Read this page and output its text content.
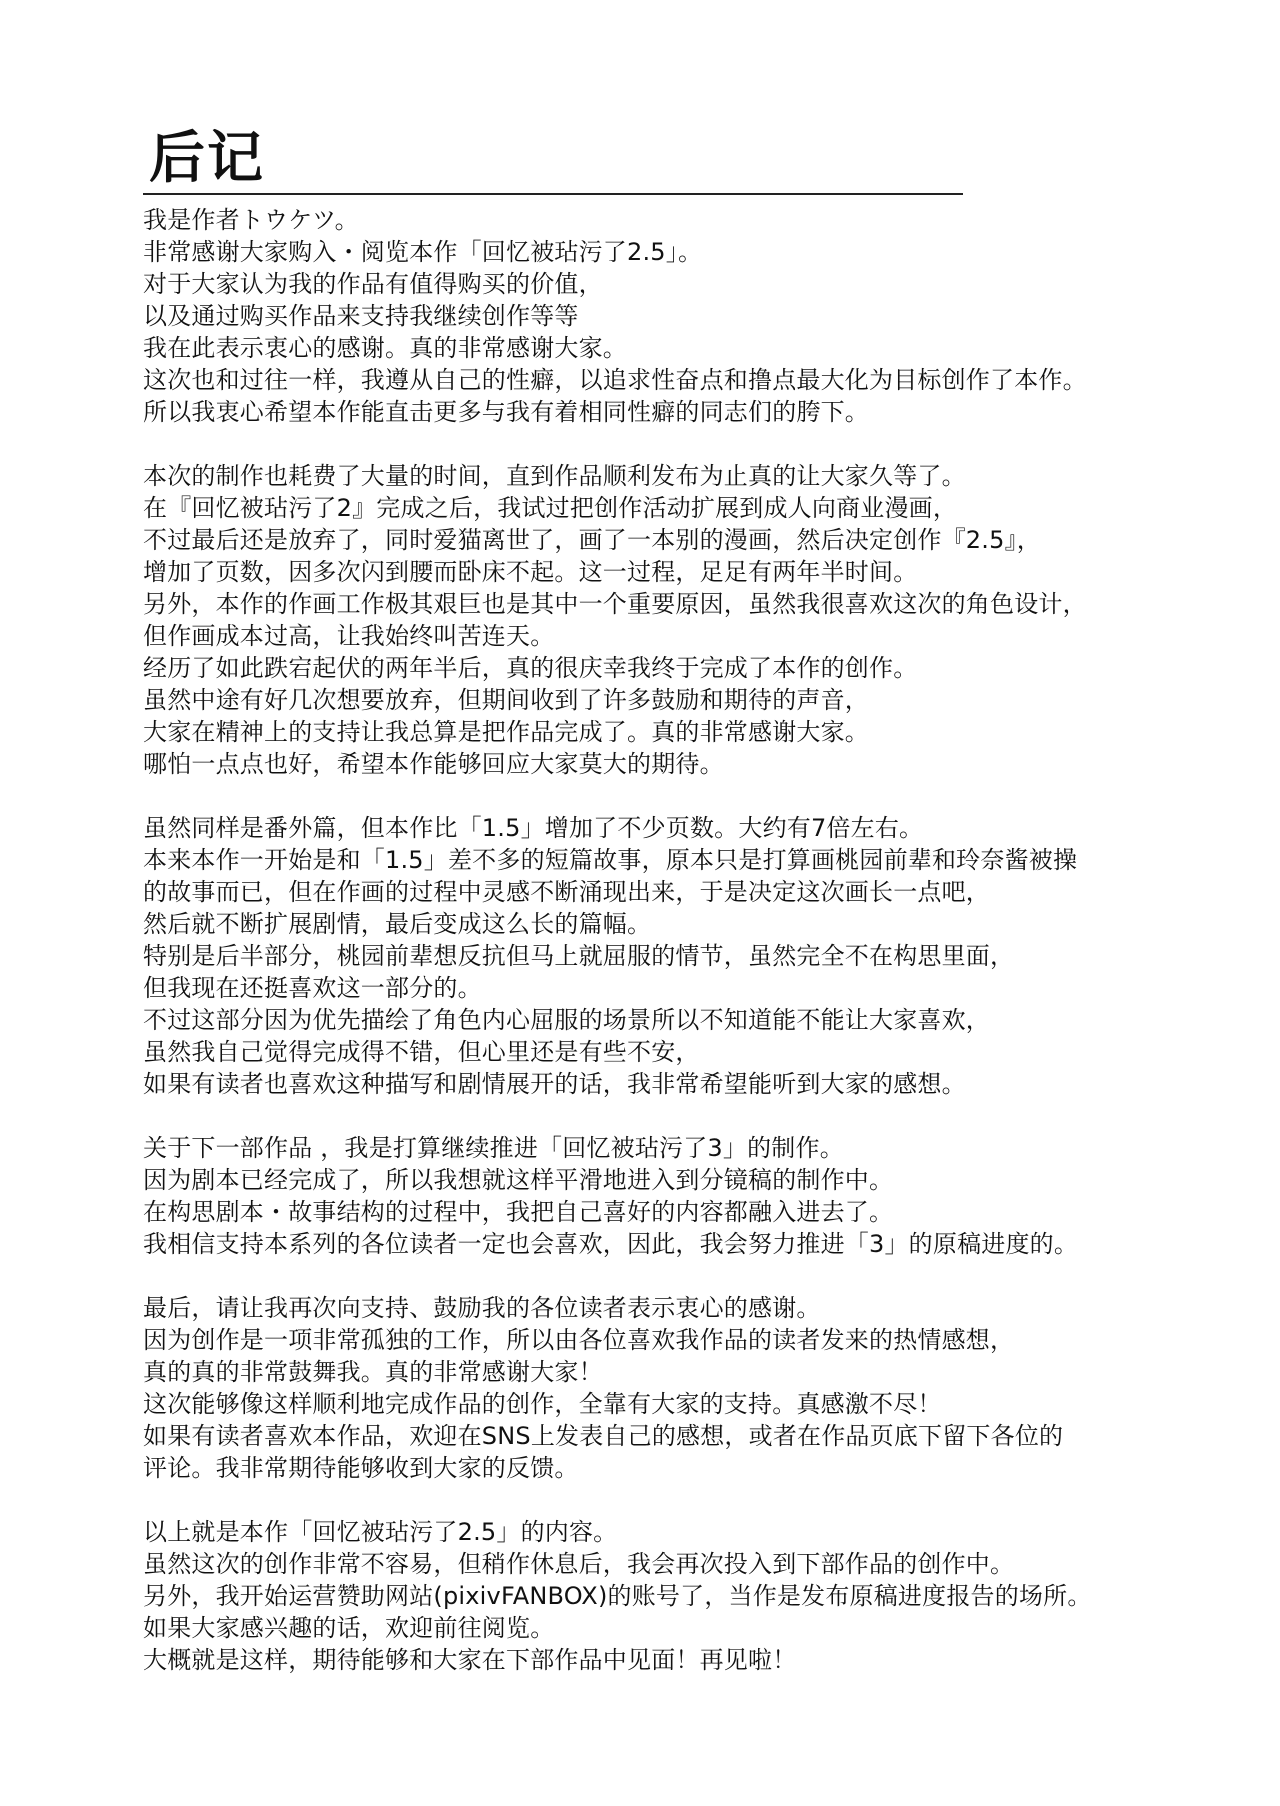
后记
我是作者トウケツ。
非常感谢大家购入・阅览本作「回忆被玷污了2.5」。
对于大家认为我的作品有值得购买的价值，
以及通过购买作品来支持我继续创作等等
我在此表示衷心的感谢。真的非常感谢大家。
这次也和过往一样，我遵从自己的性癖，以追求性奋点和撸点最大化为目标创作了本作。
所以我衷心希望本作能直击更多与我有着相同性癖的同志们的胯下。
本次的制作也耗费了大量的时间，直到作品顺利发布为止真的让大家久等了。
在『回忆被玷污了2』完成之后，我试过把创作活动扩展到成人向商业漫画，
不过最后还是放弃了，同时爱猫离世了，画了一本别的漫画，然后决定创作『2.5』，
增加了页数，因多次闪到腰而卧床不起。这一过程，足足有两年半时间。
另外，本作的作画工作极其艰巨也是其中一个重要原因，虽然我很喜欢这次的角色设计，
但作画成本过高，让我始终叫苦连天。
经历了如此跌宕起伏的两年半后，真的很庆幸我终于完成了本作的创作。
虽然中途有好几次想要放弃，但期间收到了许多鼓励和期待的声音，
大家在精神上的支持让我总算是把作品完成了。真的非常感谢大家。
哪怕一点点也好，希望本作能够回应大家莫大的期待。
虽然同样是番外篇，但本作比「1.5」增加了不少页数。大约有7倍左右。
本来本作一开始是和「1.5」差不多的短篇故事，原本只是打算画桃园前辈和玲奈酱被操
的故事而已，但在作画的过程中灵感不断涌现出来，于是决定这次画长一点吧，
然后就不断扩展剧情，最后变成这么长的篇幅。
特别是后半部分，桃园前辈想反抗但马上就屈服的情节，虽然完全不在构思里面，
但我现在还挺喜欢这一部分的。
不过这部分因为优先描绘了角色内心屈服的场景所以不知道能不能让大家喜欢，
虽然我自己觉得完成得不错，但心里还是有些不安，
如果有读者也喜欢这种描写和剧情展开的话，我非常希望能听到大家的感想。
关于下一部作品 ，我是打算继续推进「回忆被玷污了3」的制作。
因为剧本已经完成了，所以我想就这样平滑地进入到分镜稿的制作中。
在构思剧本・故事结构的过程中，我把自己喜好的内容都融入进去了。
我相信支持本系列的各位读者一定也会喜欢，因此，我会努力推进「3」的原稿进度的。
最后，请让我再次向支持、鼓励我的各位读者表示衷心的感谢。
因为创作是一项非常孤独的工作，所以由各位喜欢我作品的读者发来的热情感想，
真的真的非常鼓舞我。真的非常感谢大家！
这次能够像这样顺利地完成作品的创作，全靠有大家的支持。真感激不尽！
如果有读者喜欢本作品，欢迎在SNS上发表自己的感想，或者在作品页底下留下各位的
评论。我非常期待能够收到大家的反馈。
以上就是本作「回忆被玷污了2.5」的内容。
虽然这次的创作非常不容易，但稍作休息后，我会再次投入到下部作品的创作中。
另外，我开始运营赞助网站(pixivFANBOX)的账号了，当作是发布原稿进度报告的场所。
如果大家感兴趣的话，欢迎前往阅览。
大概就是这样，期待能够和大家在下部作品中见面！再见啦！
